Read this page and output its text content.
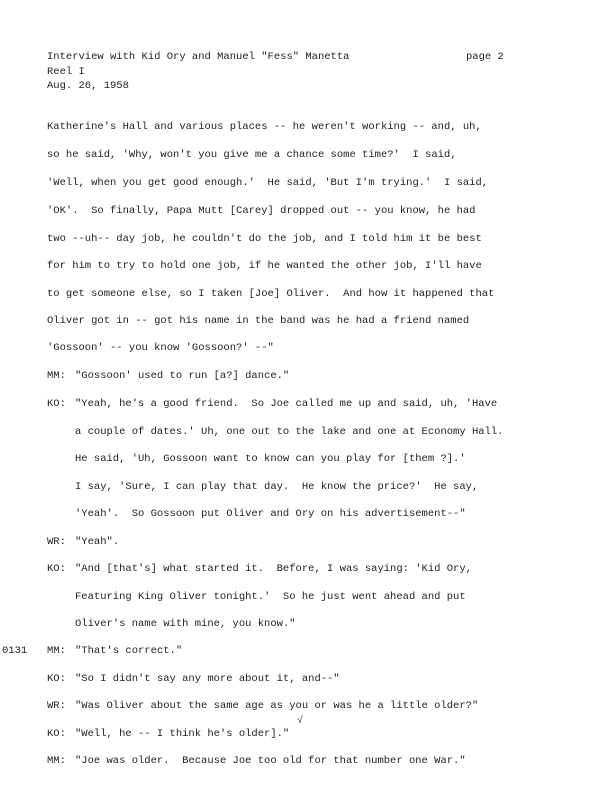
Interview with Kid Ory and Manuel "Fess" Manetta	page 2
Reel I
Aug. 26, 1958
Katherine's Hall and various places -- he weren't working -- and, uh,
so he said, 'Why, won't you give me a chance some time?'  I said,
'Well, when you get good enough.'  He said, 'But I'm trying.'  I said,
'OK'.  So finally, Papa Mutt [Carey] dropped out -- you know, he had
two --uh-- day job, he couldn't do the job, and I told him it be best
for him to try to hold one job, if he wanted the other job, I'll have
to get someone else, so I taken [Joe] Oliver.  And how it happened that
Oliver got in -- got his name in the band was he had a friend named
'Gossoon' -- you know 'Gossoon?' --"
MM: "Gossoon' used to run [a?] dance."
KO: "Yeah, he's a good friend.  So Joe called me up and said, uh, 'Have
a couple of dates.' Uh, one out to the lake and one at Economy Hall.
He said, 'Uh, Gossoon want to know can you play for [them ?].'
I say, 'Sure, I can play that day.  He know the price?'  He say,
'Yeah'.  So Gossoon put Oliver and Ory on his advertisement--"
WR: "Yeah".
KO: "And [that's] what started it.  Before, I was saying: 'Kid Ory,
Featuring King Oliver tonight.'  So he just went ahead and put
Oliver's name with mine, you know."
0131 MM: "That's correct."
KO: "So I didn't say any more about it, and--"
WR: "Was Oliver about the same age as you or was he a little older?"
KO: "Well, he -- I think he's older]."
√
MM: "Joe was older.  Because Joe too old for that number one War."
